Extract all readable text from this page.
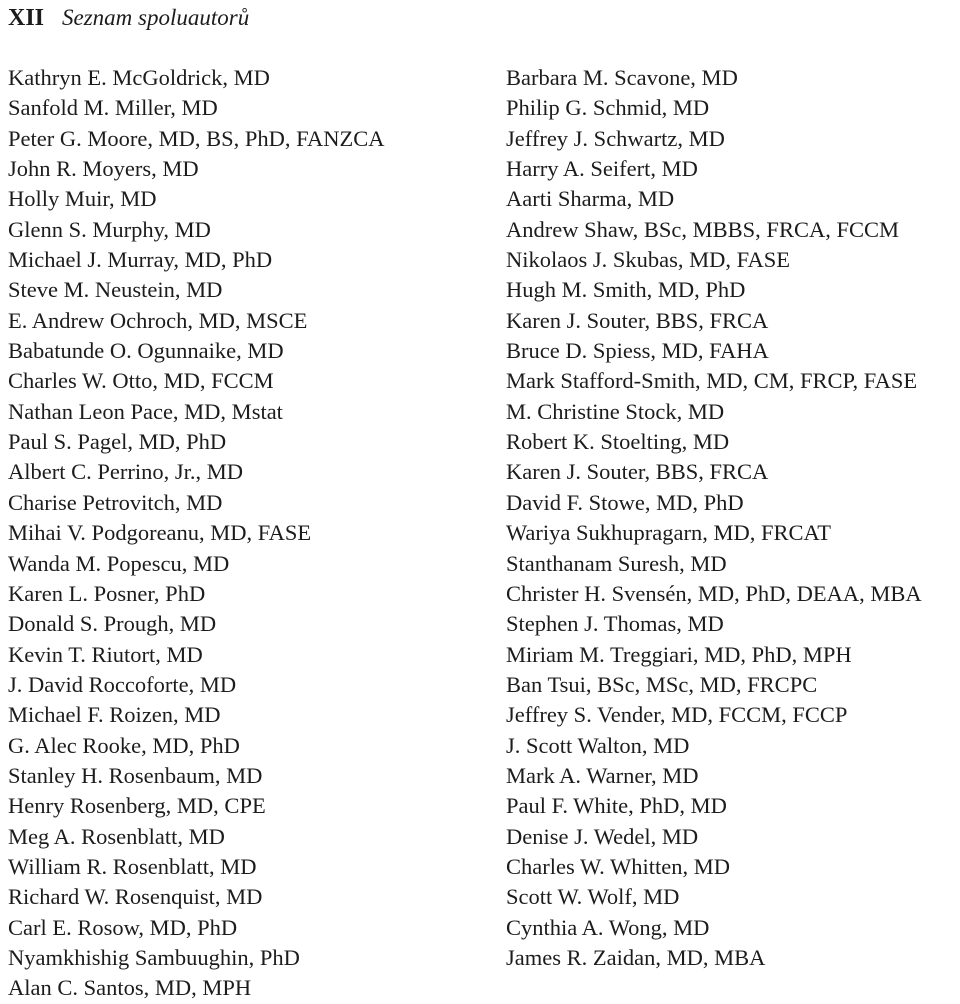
XII Seznam spoluautorů
Kathryn E. McGoldrick, MD
Sanfold M. Miller, MD
Peter G. Moore, MD, BS, PhD, FANZCA
John R. Moyers, MD
Holly Muir, MD
Glenn S. Murphy, MD
Michael J. Murray, MD, PhD
Steve M. Neustein, MD
E. Andrew Ochroch, MD, MSCE
Babatunde O. Ogunnaike, MD
Charles W. Otto, MD, FCCM
Nathan Leon Pace, MD, Mstat
Paul S. Pagel, MD, PhD
Albert C. Perrino, Jr., MD
Charise Petrovitch, MD
Mihai V. Podgoreanu, MD, FASE
Wanda M. Popescu, MD
Karen L. Posner, PhD
Donald S. Prough, MD
Kevin T. Riutort, MD
J. David Roccoforte, MD
Michael F. Roizen, MD
G. Alec Rooke, MD, PhD
Stanley H. Rosenbaum, MD
Henry Rosenberg, MD, CPE
Meg A. Rosenblatt, MD
William R. Rosenblatt, MD
Richard W. Rosenquist, MD
Carl E. Rosow, MD, PhD
Nyamkhishig Sambuughin, PhD
Alan C. Santos, MD, MPH
Barbara M. Scavone, MD
Philip G. Schmid, MD
Jeffrey J. Schwartz, MD
Harry A. Seifert, MD
Aarti Sharma, MD
Andrew Shaw, BSc, MBBS, FRCA, FCCM
Nikolaos J. Skubas, MD, FASE
Hugh M. Smith, MD, PhD
Karen J. Souter, BBS, FRCA
Bruce D. Spiess, MD, FAHA
Mark Stafford-Smith, MD, CM, FRCP, FASE
M. Christine Stock, MD
Robert K. Stoelting, MD
Karen J. Souter, BBS, FRCA
David F. Stowe, MD, PhD
Wariya Sukhupragarn, MD, FRCAT
Stanthanam Suresh, MD
Christer H. Svensén, MD, PhD, DEAA, MBA
Stephen J. Thomas, MD
Miriam M. Treggiari, MD, PhD, MPH
Ban Tsui, BSc, MSc, MD, FRCPC
Jeffrey S. Vender, MD, FCCM, FCCP
J. Scott Walton, MD
Mark A. Warner, MD
Paul F. White, PhD, MD
Denise J. Wedel, MD
Charles W. Whitten, MD
Scott W. Wolf, MD
Cynthia A. Wong, MD
James R. Zaidan, MD, MBA
